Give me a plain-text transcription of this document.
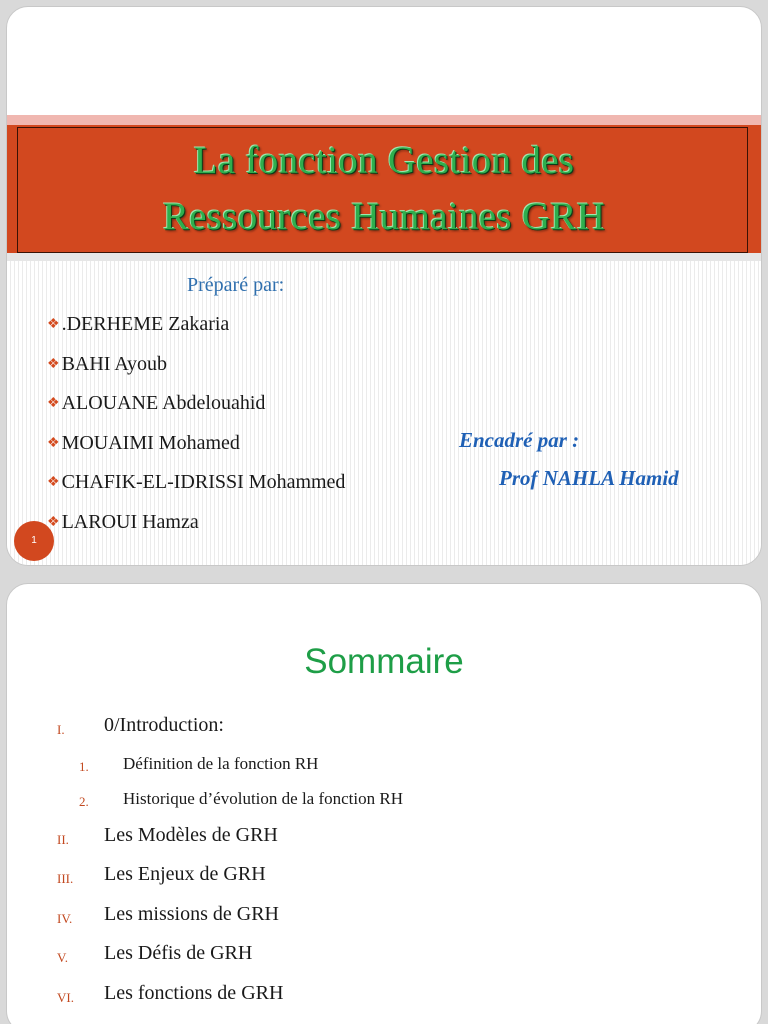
La fonction Gestion des
Ressources Humaines GRH
Préparé par:
❖ .DERHEME Zakaria
❖ BAHI Ayoub
❖ ALOUANE Abdelouahid
❖ MOUAIMI Mohamed
❖ CHAFIK-EL-IDRISSI Mohammed
❖ LAROUI Hamza
Encadré par :
Prof NAHLA Hamid
1
Sommaire
I. 0/Introduction:
1. Définition de la fonction RH
2. Historique d’évolution de la fonction RH
II. Les Modèles de GRH
III. Les Enjeux de GRH
IV. Les missions de GRH
V. Les Défis de GRH
VI. Les fonctions de GRH
